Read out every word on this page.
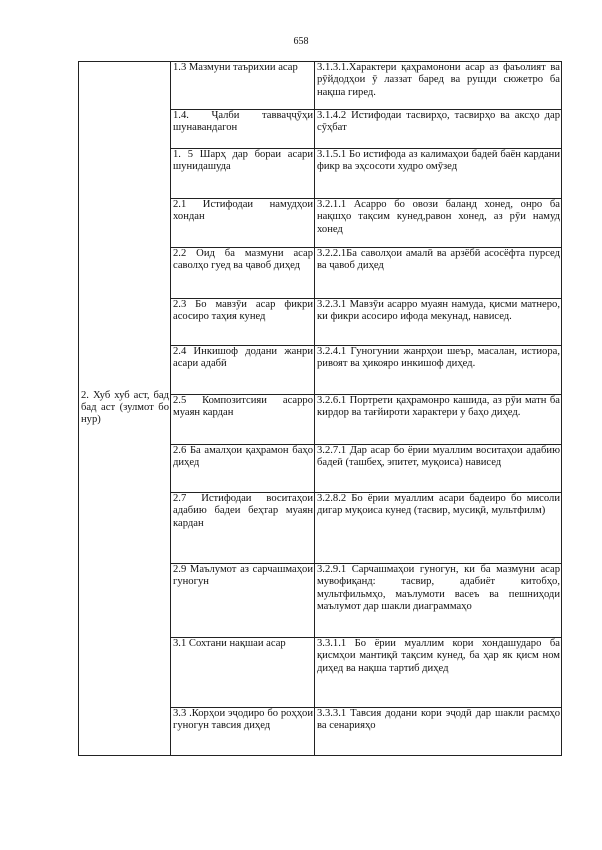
658
2. Хуб хуб аст, бад бад аст (зулмот бо нур)	1.3 Мазмуни таърихии асар	3.1.3.1.Характери қаҳрамонони асар аз фаъолият ва рӯйдодҳои ӯ лаззат баред ва рушди сюжетро ба нақша гиред.
	1.4. Ҷалби тавваҷҷӯҳи шунавандагон	3.1.4.2 Истифодаи тасвирҳо, тасвирҳо ва аксҳо дар сӯҳбат
	1. 5 Шарҳ дар бораи асари шунидашуда	3.1.5.1 Бо истифода аз калимаҳои бадеӣ баён кардани фикр ва эҳсосоти худро омӯзед
	2.1 Истифодаи намудҳои хондан	3.2.1.1 Асарро бо овози баланд хонед, онро ба нақшҳо тақсим кунед,равон хонед, аз рӯи намуд хонед
	2.2 Оид ба мазмуни асар саволҳо гуед ва ҷавоб диҳед	3.2.2.1Ба саволҳои амалӣ ва арзёбӣ асосёфта пурсед ва ҷавоб диҳед
	2.3 Бо мавзӯи асар фикри асосиро таҳия кунед	3.2.3.1 Мавзӯи асарро муаян намуда, қисми матнеро, ки фикри асосиро ифода мекунад, нависед.
	2.4 Инкишоф додани жанри асари адабӣ	3.2.4.1 Гуногунии жанрҳои шеър, масалан, истиора, ривоят ва ҳикояро инкишоф диҳед.
	2.5 Композитсияи асарро муаян кардан	3.2.6.1 Портрети қаҳрамонро кашида, аз рӯи матн ба кирдор ва тағйироти характери у баҳо диҳед.
	2.6 Ба амалҳои қаҳрамон баҳо диҳед	3.2.7.1 Дар асар бо ёрии муаллим воситаҳои адабию бадеӣ (ташбеҳ, эпитет, муқоиса) нависед
	2.7 Истифодаи воситаҳои адабию бадеи беҳтар муаян кардан	3.2.8.2 Бо ёрии муаллим асари бадеиро бо мисоли дигар муқоиса кунед (тасвир, мусиқӣ, мультфилм)
	2.9 Маълумот аз сарчашмаҳои гуногун	3.2.9.1 Сарчашмаҳои гуногун, ки ба мазмуни асар мувофиқанд: тасвир, адабиёт китобҳо, мультфильмҳо, маълумоти васеъ ва пешниҳоди маълумот дар шакли диаграммаҳо
	3.1 Сохтани нақшаи асар	3.3.1.1 Бо ёрии муаллим кори хондашударо ба қисмҳои мантиқӣ тақсим кунед, ба ҳар як қисм ном диҳед ва нақша тартиб диҳед
	3.3 .Корҳои эҷодиро бо роҳҳои гуногун тавсия диҳед	3.3.3.1 Тавсия додани кори эҷодӣ дар шакли расмҳо ва сенарияҳо
